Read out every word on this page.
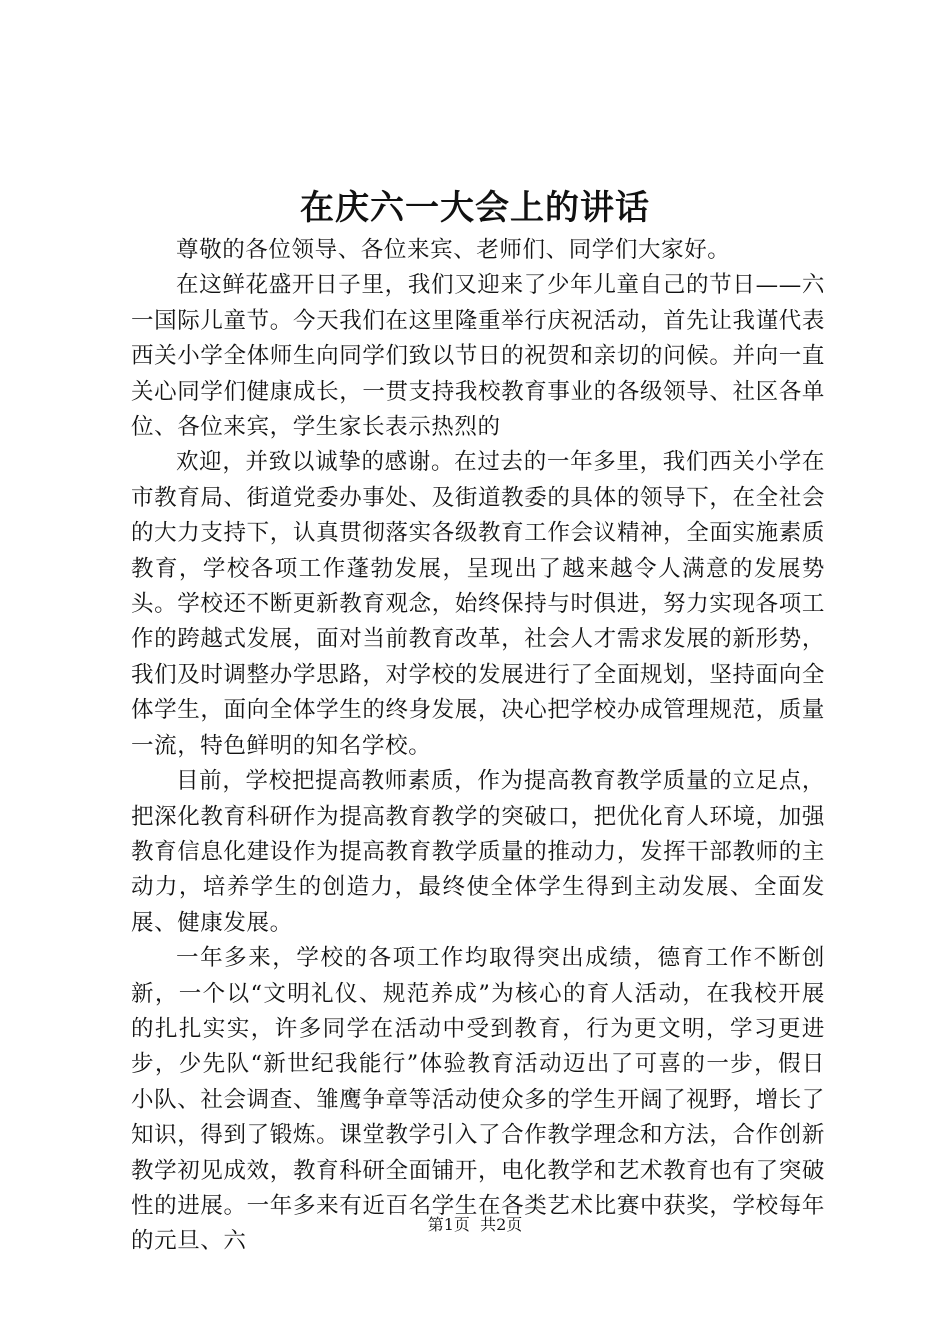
在庆六一大会上的讲话

尊敬的各位领导、各位来宾、老师们、同学们大家好。

在这鲜花盛开日子里，我们又迎来了少年儿童自己的节日——六一国际儿童节。今天我们在这里隆重举行庆祝活动，首先让我谨代表西关小学全体师生向同学们致以节日的祝贺和亲切的问候。并向一直关心同学们健康成长，一贯支持我校教育事业的各级领导、社区各单位、各位来宾，学生家长表示热烈的

欢迎，并致以诚挚的感谢。在过去的一年多里，我们西关小学在市教育局、街道党委办事处、及街道教委的具体的领导下，在全社会的大力支持下，认真贯彻落实各级教育工作会议精神，全面实施素质教育，学校各项工作蓬勃发展，呈现出了越来越令人满意的发展势头。学校还不断更新教育观念，始终保持与时俱进，努力实现各项工作的跨越式发展，面对当前教育改革，社会人才需求发展的新形势，我们及时调整办学思路，对学校的发展进行了全面规划，坚持面向全体学生，面向全体学生的终身发展，决心把学校办成管理规范，质量一流，特色鲜明的知名学校。

目前，学校把提高教师素质，作为提高教育教学质量的立足点，把深化教育科研作为提高教育教学的突破口，把优化育人环境，加强教育信息化建设作为提高教育教学质量的推动力，发挥干部教师的主动力，培养学生的创造力，最终使全体学生得到主动发展、全面发展、健康发展。

一年多来，学校的各项工作均取得突出成绩，德育工作不断创新，一个以“文明礼仪、规范养成”为核心的育人活动，在我校开展的扎扎实实，许多同学在活动中受到教育，行为更文明，学习更进步，少先队“新世纪我能行”体验教育活动迈出了可喜的一步，假日小队、社会调查、雏鹰争章等活动使众多的学生开阔了视野，增长了知识，得到了锻炼。课堂教学引入了合作教学理念和方法，合作创新教学初见成效，教育科研全面铺开，电化教学和艺术教育也有了突破性的进展。一年多来有近百名学生在各类艺术比赛中获奖，学校每年的元旦、六

第1页 共2页
